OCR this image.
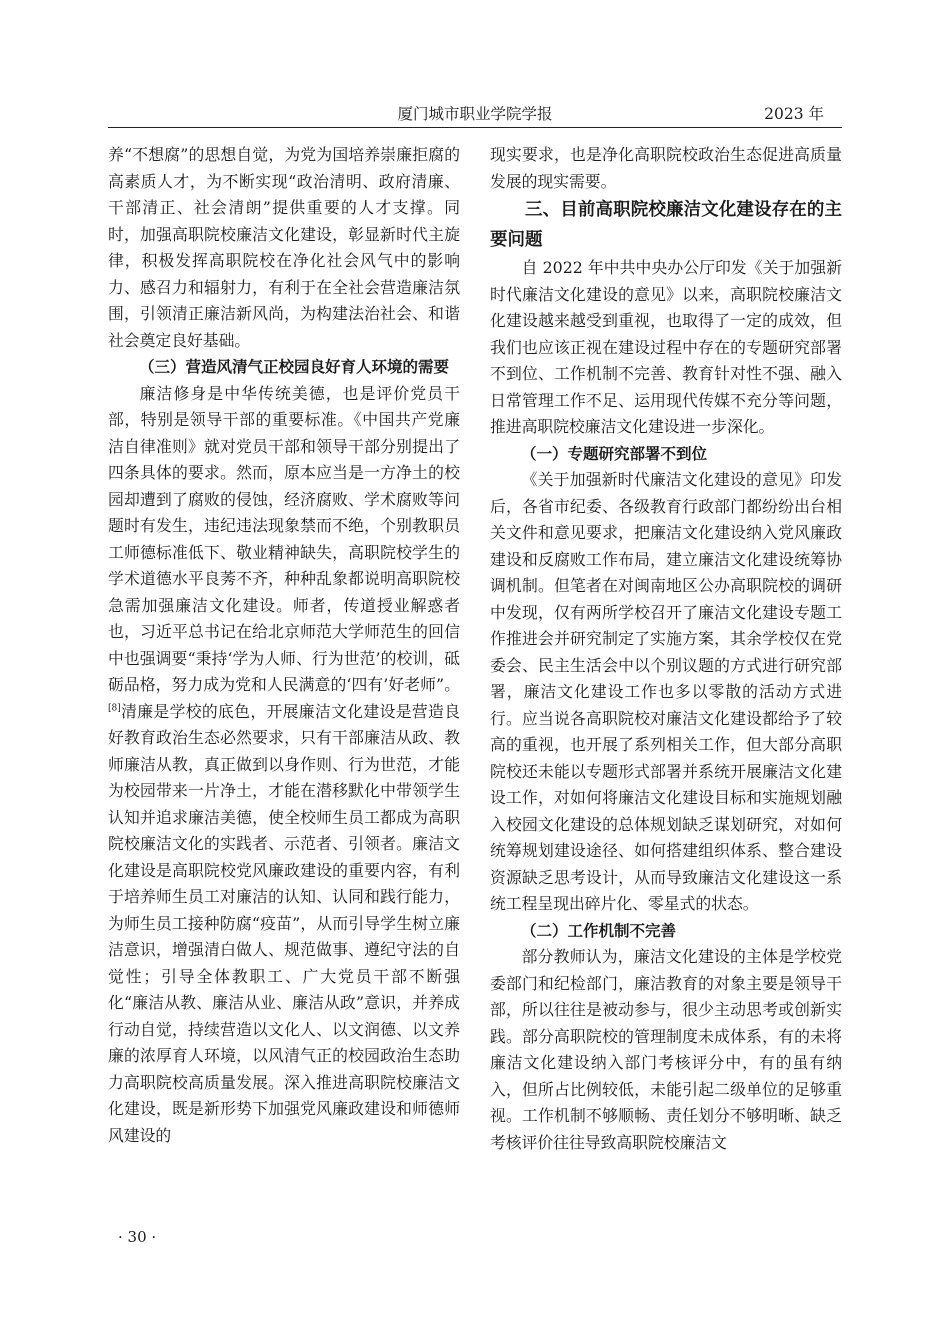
厦门城市职业学院学报	2023 年

养“不想腐”的思想自觉，为党为国培养崇廉拒腐的高素质人才，为不断实现“政治清明、政府清廉、干部清正、社会清朗”提供重要的人才支撑。同时，加强高职院校廉洁文化建设，彰显新时代主旋律，积极发挥高职院校在净化社会风气中的影响力、感召力和辐射力，有利于在全社会营造廉洁氛围，引领清正廉洁新风尚，为构建法治社会、和谐社会奠定良好基础。

（三）营造风清气正校园良好育人环境的需要

廉洁修身是中华传统美德，也是评价党员干部，特别是领导干部的重要标准。《中国共产党廉洁自律准则》就对党员干部和领导干部分别提出了四条具体的要求。然而，原本应当是一方净土的校园却遭到了腐败的侵蚀，经济腐败、学术腐败等问题时有发生，违纪违法现象禁而不绝，个别教职员工师德标准低下、敬业精神缺失，高职院校学生的学术道德水平良莠不齐，种种乱象都说明高职院校急需加强廉洁文化建设。师者，传道授业解惑者也，习近平总书记在给北京师范大学师范生的回信中也强调要“秉持‘学为人师、行为世范’的校训，砥砺品格，努力成为党和人民满意的‘四有’好老师”。[8]清廉是学校的底色，开展廉洁文化建设是营造良好教育政治生态必然要求，只有干部廉洁从政、教师廉洁从教，真正做到以身作则、行为世范，才能为校园带来一片净土，才能在潜移默化中带领学生认知并追求廉洁美德，使全校师生员工都成为高职院校廉洁文化的实践者、示范者、引领者。廉洁文化建设是高职院校党风廉政建设的重要内容，有利于培养师生员工对廉洁的认知、认同和践行能力，为师生员工接种防腐“疫苗”，从而引导学生树立廉洁意识，增强清白做人、规范做事、遵纪守法的自觉性；引导全体教职工、广大党员干部不断强化“廉洁从教、廉洁从业、廉洁从政”意识，并养成行动自觉，持续营造以文化人、以文润德、以文养廉的浓厚育人环境，以风清气正的校园政治生态助力高职院校高质量发展。深入推进高职院校廉洁文化建设，既是新形势下加强党风廉政建设和师德师风建设的

现实要求，也是净化高职院校政治生态促进高质量发展的现实需要。

三、目前高职院校廉洁文化建设存在的主要问题

自 2022 年中共中央办公厅印发《关于加强新时代廉洁文化建设的意见》以来，高职院校廉洁文化建设越来越受到重视，也取得了一定的成效，但我们也应该正视在建设过程中存在的专题研究部署不到位、工作机制不完善、教育针对性不强、融入日常管理工作不足、运用现代传媒不充分等问题，推进高职院校廉洁文化建设进一步深化。

（一）专题研究部署不到位

《关于加强新时代廉洁文化建设的意见》印发后，各省市纪委、各级教育行政部门都纷纷出台相关文件和意见要求，把廉洁文化建设纳入党风廉政建设和反腐败工作布局，建立廉洁文化建设统筹协调机制。但笔者在对闽南地区公办高职院校的调研中发现，仅有两所学校召开了廉洁文化建设专题工作推进会并研究制定了实施方案，其余学校仅在党委会、民主生活会中以个别议题的方式进行研究部署，廉洁文化建设工作也多以零散的活动方式进行。应当说各高职院校对廉洁文化建设都给予了较高的重视，也开展了系列相关工作，但大部分高职院校还未能以专题形式部署并系统开展廉洁文化建设工作，对如何将廉洁文化建设目标和实施规划融入校园文化建设的总体规划缺乏谋划研究，对如何统筹规划建设途径、如何搭建组织体系、整合建设资源缺乏思考设计，从而导致廉洁文化建设这一系统工程呈现出碎片化、零星式的状态。

（二）工作机制不完善

部分教师认为，廉洁文化建设的主体是学校党委部门和纪检部门，廉洁教育的对象主要是领导干部，所以往往是被动参与，很少主动思考或创新实践。部分高职院校的管理制度未成体系，有的未将廉洁文化建设纳入部门考核评分中，有的虽有纳入，但所占比例较低，未能引起二级单位的足够重视。工作机制不够顺畅、责任划分不够明晰、缺乏考核评价往往导致高职院校廉洁文

· 30 ·
